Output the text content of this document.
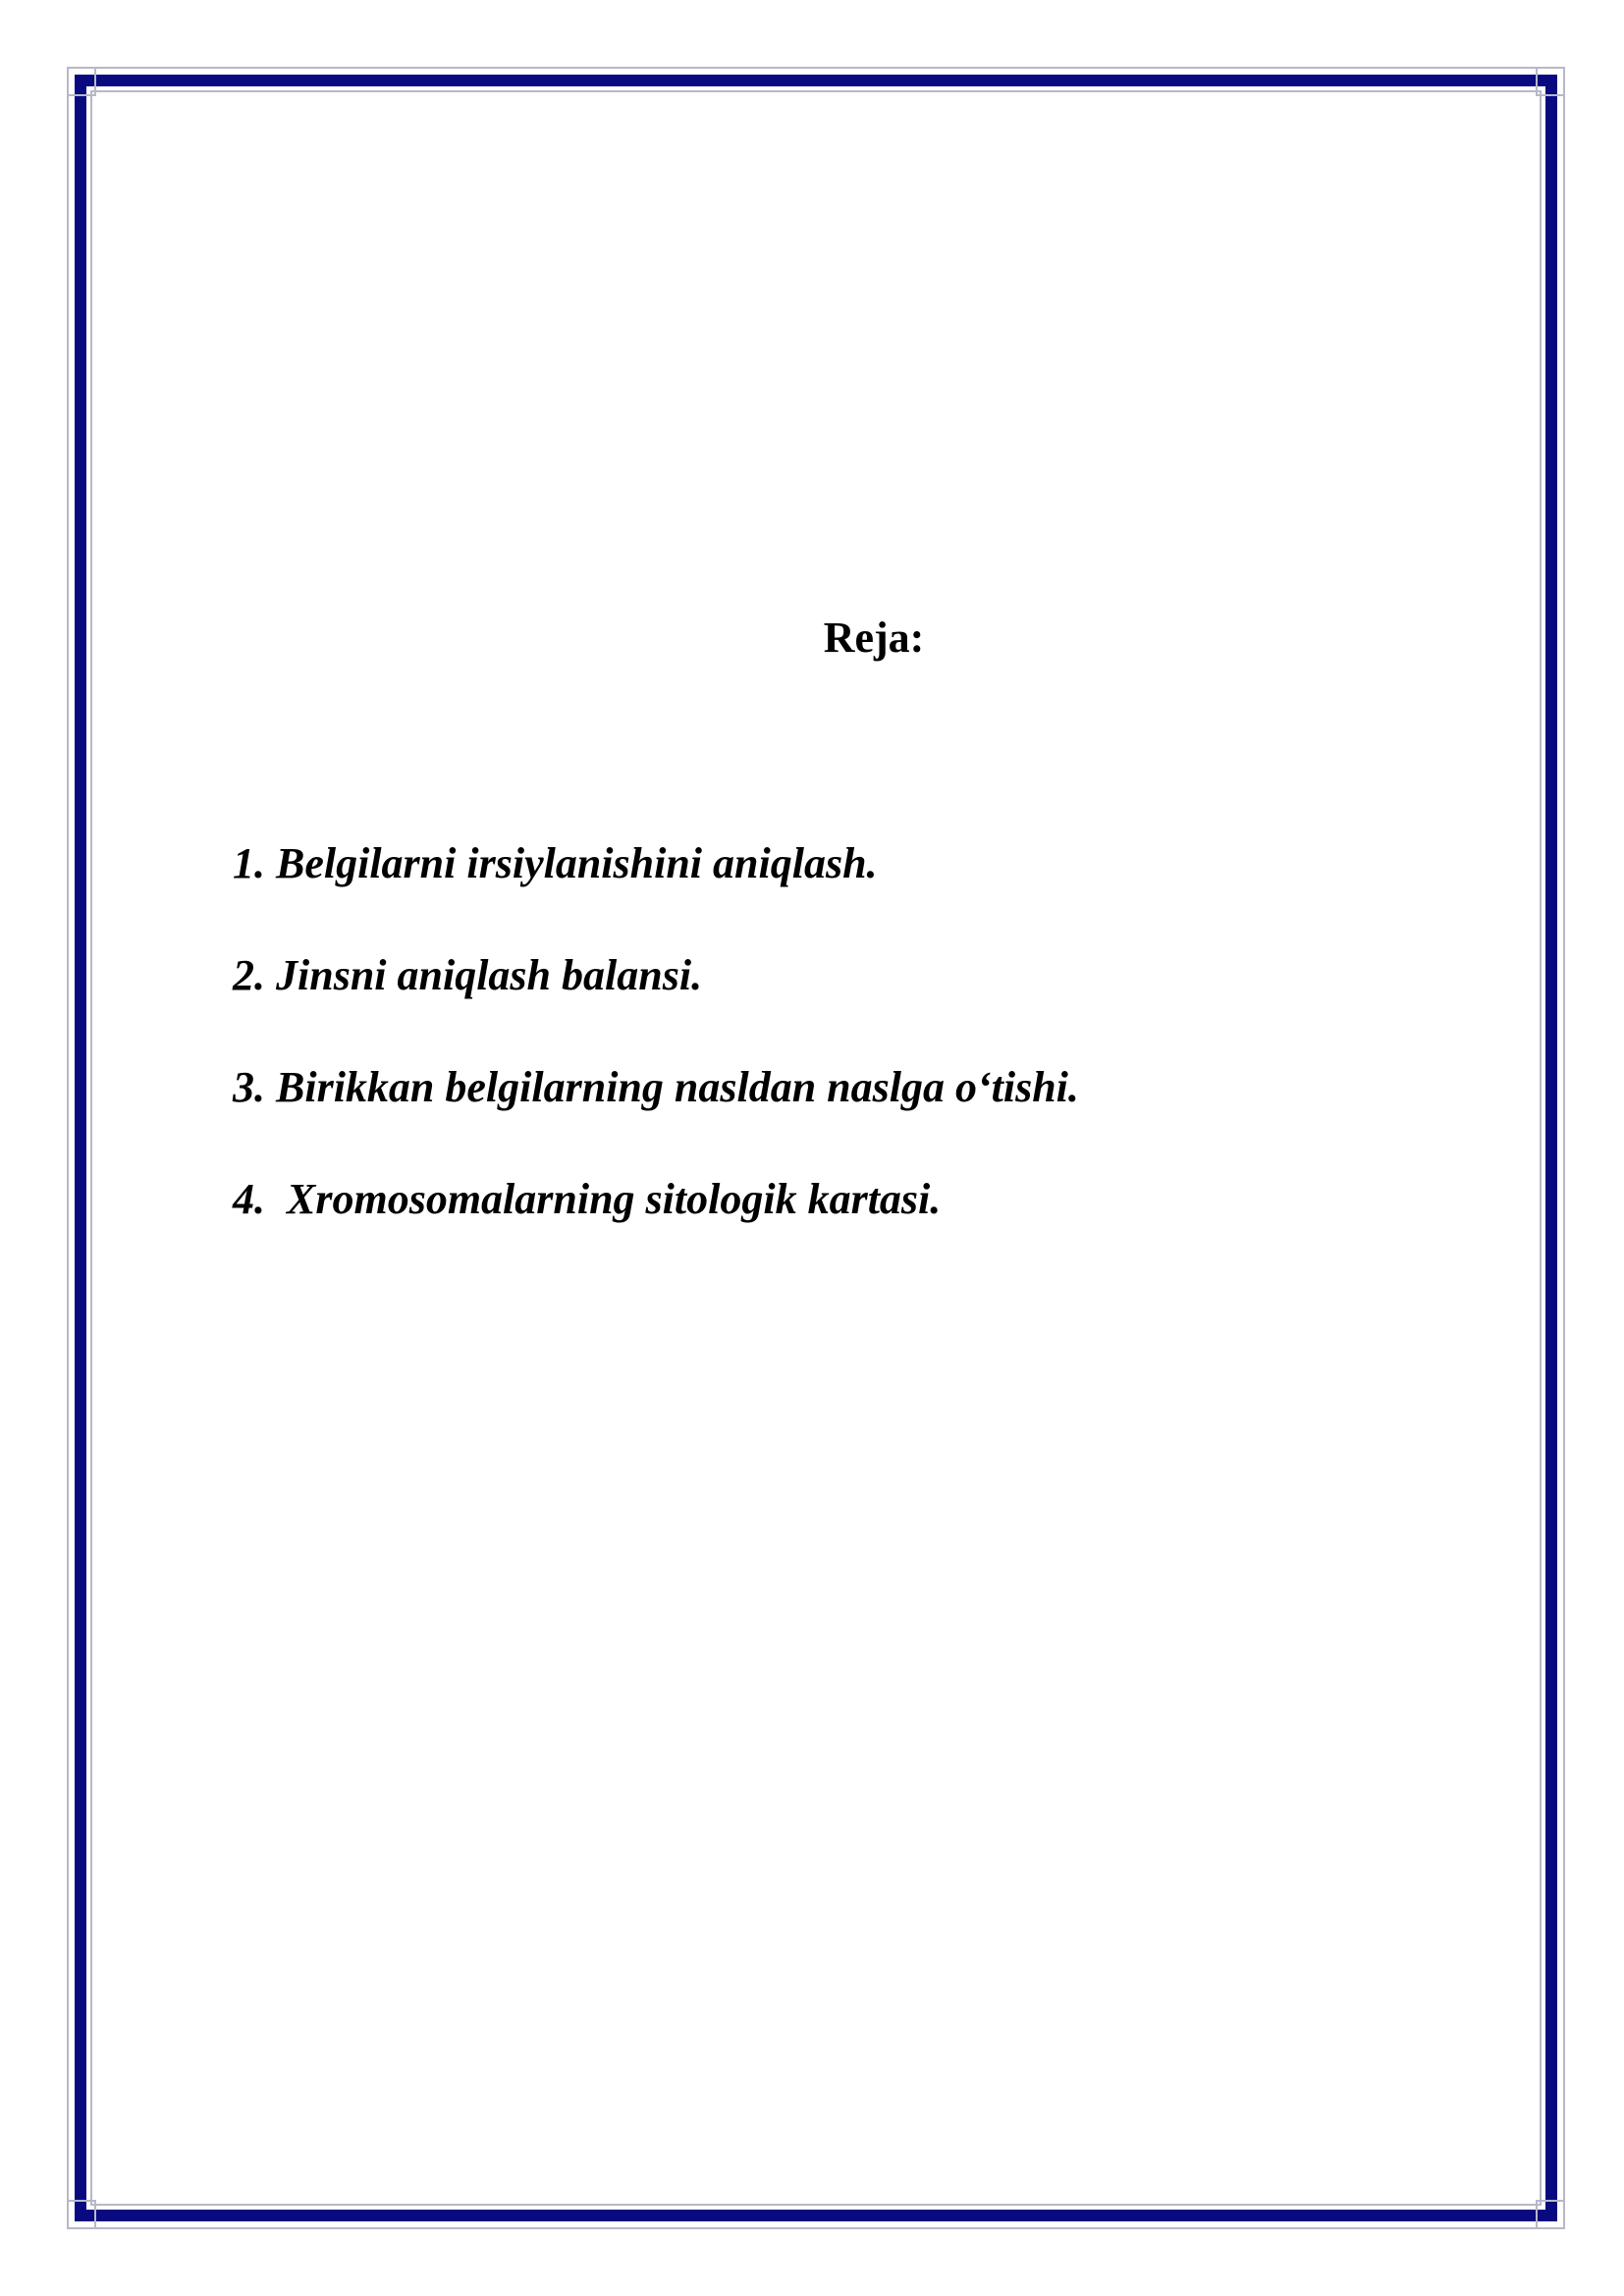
Reja:
1. Belgilarni irsiylanishini aniqlash.
2. Jinsni aniqlash balansi.
3. Birikkan belgilarning nasldan naslga o‘tishi.
4.  Xromosomalarning sitologik kartasi.
